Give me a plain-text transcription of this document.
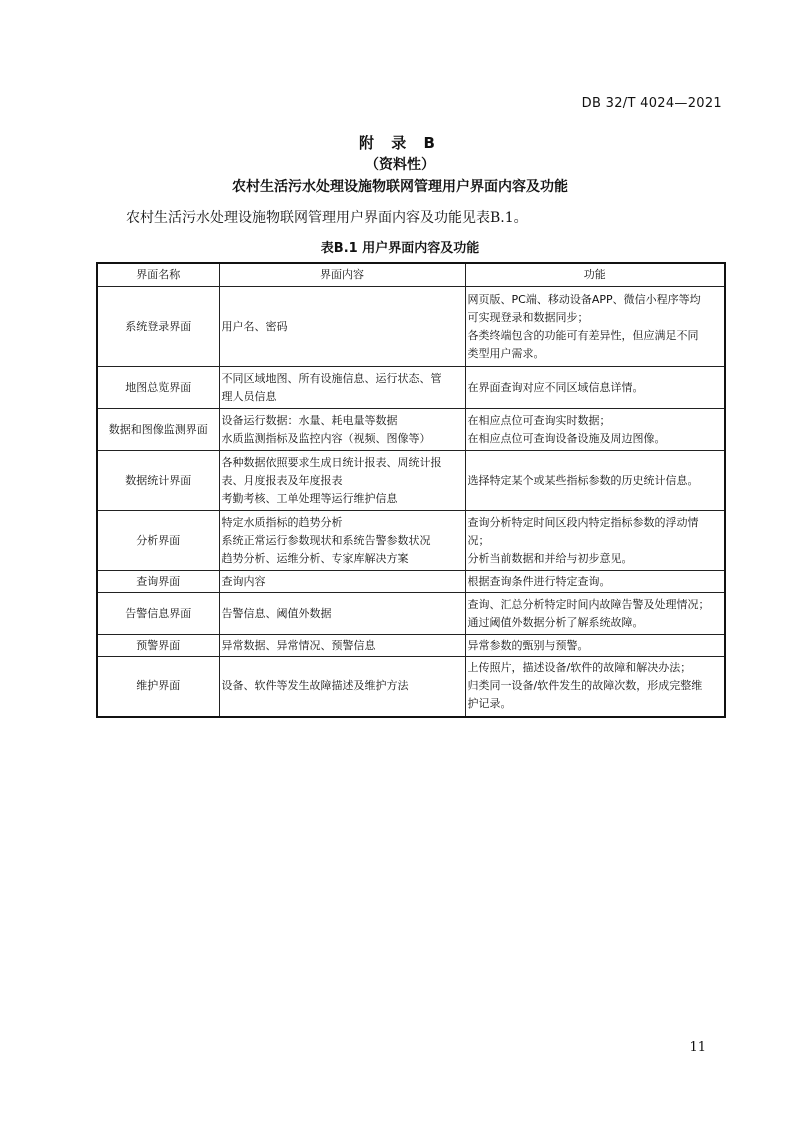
DB 32/T 4024—2021
附 录 B
（资料性）
农村生活污水处理设施物联网管理用户界面内容及功能
农村生活污水处理设施物联网管理用户界面内容及功能见表B.1。
表B.1 用户界面内容及功能
界面名称	界面内容	功能
系统登录界面	用户名、密码	网页版、PC端、移动设备APP、微信小程序等均
可实现登录和数据同步；
各类终端包含的功能可有差异性，但应满足不同
类型用户需求。

地图总览界面	不同区域地图、所有设施信息、运行状态、管
理人员信息	在界面查询对应不同区域信息详情。

数据和图像监测界面	设备运行数据：水量、耗电量等数据
水质监测指标及监控内容（视频、图像等）	在相应点位可查询实时数据；
在相应点位可查询设备设施及周边图像。

数据统计界面	各种数据依照要求生成日统计报表、周统计报
表、月度报表及年度报表
考勤考核、工单处理等运行维护信息	选择特定某个或某些指标参数的历史统计信息。

分析界面	特定水质指标的趋势分析
系统正常运行参数现状和系统告警参数状况
趋势分析、运维分析、专家库解决方案	查询分析特定时间区段内特定指标参数的浮动情
况；
分析当前数据和并给与初步意见。

查询界面	查询内容	根据查询条件进行特定查询。

告警信息界面	告警信息、阈值外数据	查询、汇总分析特定时间内故障告警及处理情况；
通过阈值外数据分析了解系统故障。

预警界面	异常数据、异常情况、预警信息	异常参数的甄别与预警。

维护界面	设备、软件等发生故障描述及维护方法	上传照片，描述设备/软件的故障和解决办法；
归类同一设备/软件发生的故障次数，形成完整维
护记录。
11
